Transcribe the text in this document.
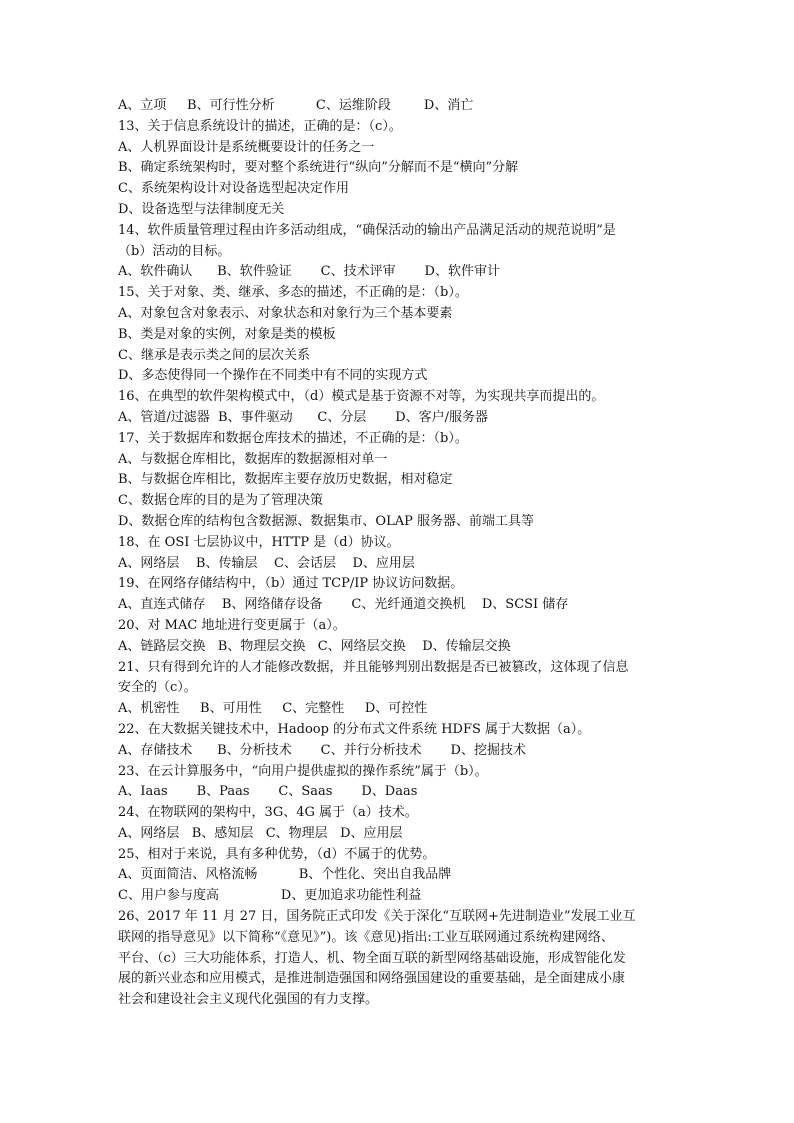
A、立项     B、可行性分析          C、运维阶段        D、消亡
13、关于信息系统设计的描述，正确的是：（c）。
A、人机界面设计是系统概要设计的任务之一
B、确定系统架构时，要对整个系统进行“纵向”分解而不是“横向”分解
C、系统架构设计对设备选型起决定作用
D、设备选型与法律制度无关
14、软件质量管理过程由许多活动组成，“确保活动的输出产品满足活动的规范说明”是
（b）活动的目标。
A、软件确认      B、软件验证       C、技术评审       D、软件审计
15、关于对象、类、继承、多态的描述，不正确的是：（b）。
A、对象包含对象表示、对象状态和对象行为三个基本要素
B、类是对象的实例，对象是类的模板
C、继承是表示类之间的层次关系
D、多态使得同一个操作在不同类中有不同的实现方式
16、在典型的软件架构模式中，（d）模式是基于资源不对等，为实现共享而提出的。
A、管道/过滤器  B、事件驱动      C、分层       D、客户/服务器
17、关于数据库和数据仓库技术的描述，不正确的是：（b）。
A、与数据仓库相比，数据库的数据源相对单一
B、与数据仓库相比，数据库主要存放历史数据，相对稳定
C、数据仓库的目的是为了管理决策
D、数据仓库的结构包含数据源、数据集市、OLAP 服务器、前端工具等
18、在 OSI 七层协议中，HTTP 是（d）协议。
A、网络层    B、传输层    C、会话层    D、应用层
19、在网络存储结构中，（b）通过 TCP/IP 协议访问数据。
A、直连式储存    B、网络储存设备       C、光纤通道交换机    D、SCSI 储存
20、对 MAC 地址进行变更属于（a）。
A、链路层交换   B、物理层交换   C、网络层交换    D、传输层交换
21、只有得到允许的人才能修改数据，并且能够判别出数据是否已被篡改，这体现了信息
安全的（c）。
A、机密性     B、可用性     C、完整性     D、可控性
22、在大数据关键技术中，Hadoop 的分布式文件系统 HDFS 属于大数据（a）。
A、存储技术      B、分析技术       C、并行分析技术       D、挖掘技术
23、在云计算服务中，“向用户提供虚拟的操作系统”属于（b）。
A、Iaas       B、Paas       C、Saas       D、Daas
24、在物联网的架构中，3G、4G 属于（a）技术。
A、网络层   B、感知层   C、物理层   D、应用层
25、相对于来说，具有多种优势，（d）不属于的优势。
A、页面简洁、风格流畅          B、个性化、突出自我品牌
C、用户参与度高               D、更加追求功能性利益
26、2017 年 11 月 27 日，国务院正式印发《关于深化“互联网+先进制造业”发展工业互
联网的指导意见》以下简称“《意见》”)。该《意见)指出:工业互联网通过系统构建网络、
平台、（c）三大功能体系，打造人、机、物全面互联的新型网络基础设施，形成智能化发
展的新兴业态和应用模式，是推进制造强国和网络强国建设的重要基础，是全面建成小康
社会和建设社会主义现代化强国的有力支撑。
